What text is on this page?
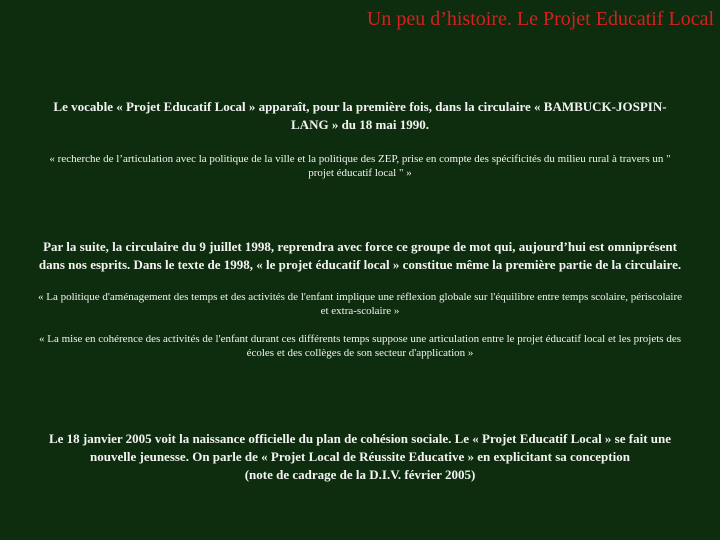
Un peu d’histoire. Le Projet Educatif Local

Le vocable « Projet Educatif Local » apparaît, pour la première fois, dans la circulaire « BAMBUCK-JOSPIN-
LANG » du 18 mai 1990.

« recherche de l’articulation avec la politique de la ville et la politique des ZEP, prise en compte des spécificités du milieu rural à travers un "
projet éducatif local " »

Par la suite, la circulaire du 9 juillet 1998, reprendra avec force ce groupe de mot qui, aujourd’hui est omniprésent
dans nos esprits. Dans le texte de 1998, « le projet éducatif local » constitue même la première partie de la circulaire.

« La politique d'aménagement des temps et des activités de l'enfant implique une réflexion globale sur l'équilibre entre temps scolaire, périscolaire
et extra-scolaire »

« La mise en cohérence des activités de l'enfant durant ces différents temps suppose une articulation entre le projet éducatif local et les projets des
écoles et des collèges de son secteur d'application »

Le 18 janvier 2005 voit la naissance officielle du plan de cohésion sociale. Le « Projet Educatif Local » se fait une
nouvelle jeunesse. On parle de « Projet Local de Réussite Educative » en explicitant sa conception
(note de cadrage de la D.I.V. février 2005)
